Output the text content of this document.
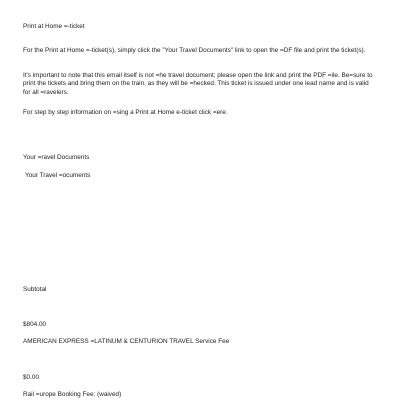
Print at Home =-ticket

For the Print at Home =-ticket(s), simply click the "Your Travel Documents" link to open the =DF file and print the ticket(s).

It's important to note that this email itself is not =he travel document; please open the link and print the PDF =ile. Be=sure to print the tickets and bring them on the train, as they will be =hecked. This ticket is issued under one lead name and is valid for all =ravelers.

For step by step information on =sing a Print at Home e-ticket click =ere.

Your =ravel Documents

Your Travel =ocuments

Subtotal

$804.00

AMERICAN EXPRESS =LATINUM & CENTURION TRAVEL Service Fee

$0.00

Rail =urope Booking Fee: (waived)
